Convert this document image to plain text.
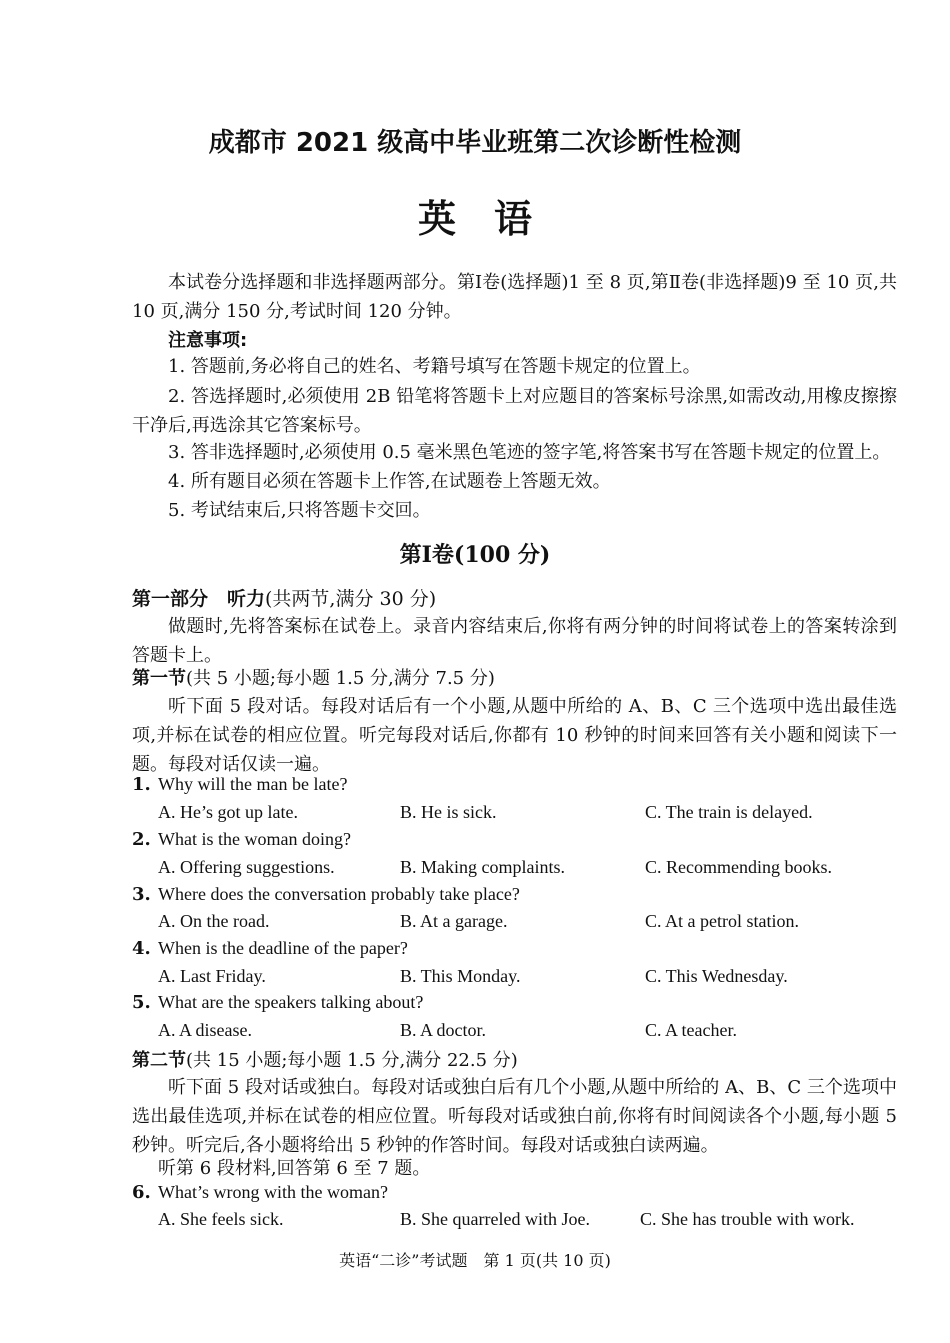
成都市 2021 级高中毕业班第二次诊断性检测
英　语
本试卷分选择题和非选择题两部分。第Ⅰ卷(选择题)1 至 8 页,第Ⅱ卷(非选择题)9 至 10 页,共 10 页,满分 150 分,考试时间 120 分钟。
注意事项:
1. 答题前,务必将自己的姓名、考籍号填写在答题卡规定的位置上。
2. 答选择题时,必须使用 2B 铅笔将答题卡上对应题目的答案标号涂黑,如需改动,用橡皮擦擦干净后,再选涂其它答案标号。
3. 答非选择题时,必须使用 0.5 毫米黑色笔迹的签字笔,将答案书写在答题卡规定的位置上。
4. 所有题目必须在答题卡上作答,在试题卷上答题无效。
5. 考试结束后,只将答题卡交回。
第Ⅰ卷(100 分)
第一部分　听力(共两节,满分 30 分)
做题时,先将答案标在试卷上。录音内容结束后,你将有两分钟的时间将试卷上的答案转涂到答题卡上。
第一节(共 5 小题;每小题 1.5 分,满分 7.5 分)
听下面 5 段对话。每段对话后有一个小题,从题中所给的 A、B、C 三个选项中选出最佳选项,并标在试卷的相应位置。听完每段对话后,你都有 10 秒钟的时间来回答有关小题和阅读下一题。每段对话仅读一遍。
1. Why will the man be late?
A. He’s got up late.	B. He is sick.	C. The train is delayed.
2. What is the woman doing?
A. Offering suggestions.	B. Making complaints.	C. Recommending books.
3. Where does the conversation probably take place?
A. On the road.	B. At a garage.	C. At a petrol station.
4. When is the deadline of the paper?
A. Last Friday.	B. This Monday.	C. This Wednesday.
5. What are the speakers talking about?
A. A disease.	B. A doctor.	C. A teacher.
第二节(共 15 小题;每小题 1.5 分,满分 22.5 分)
听下面 5 段对话或独白。每段对话或独白后有几个小题,从题中所给的 A、B、C 三个选项中选出最佳选项,并标在试卷的相应位置。听每段对话或独白前,你将有时间阅读各个小题,每小题 5 秒钟。听完后,各小题将给出 5 秒钟的作答时间。每段对话或独白读两遍。
听第 6 段材料,回答第 6 至 7 题。
6. What’s wrong with the woman?
A. She feels sick.	B. She quarreled with Joe.	C. She has trouble with work.
英语“二诊”考试题　第 1 页(共 10 页)
